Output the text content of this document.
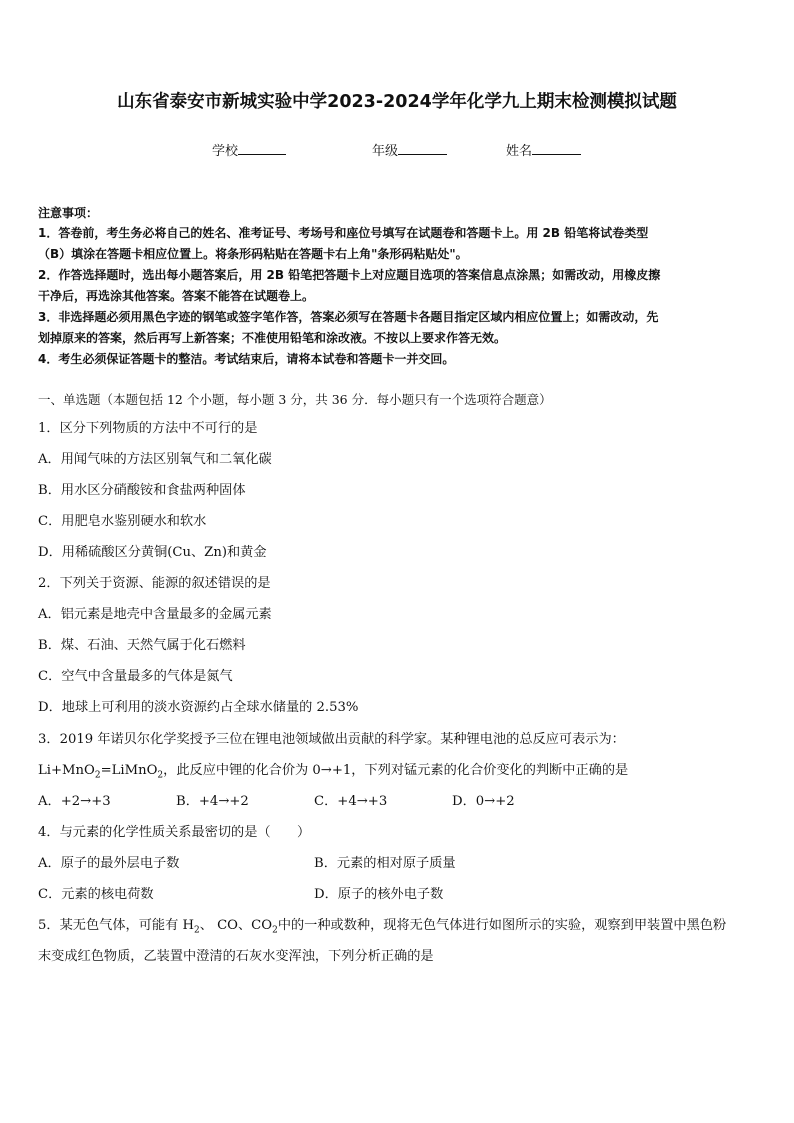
山东省泰安市新城实验中学2023-2024学年化学九上期末检测模拟试题
学校	年级	姓名
注意事项：
1．答卷前，考生务必将自己的姓名、准考证号、考场号和座位号填写在试题卷和答题卡上。用 2B 铅笔将试卷类型
（B）填涂在答题卡相应位置上。将条形码粘贴在答题卡右上角"条形码粘贴处"。
2．作答选择题时，选出每小题答案后，用 2B 铅笔把答题卡上对应题目选项的答案信息点涂黑；如需改动，用橡皮擦
干净后，再选涂其他答案。答案不能答在试题卷上。
3．非选择题必须用黑色字迹的钢笔或签字笔作答，答案必须写在答题卡各题目指定区域内相应位置上；如需改动，先
划掉原来的答案，然后再写上新答案；不准使用铅笔和涂改液。不按以上要求作答无效。
4．考生必须保证答题卡的整洁。考试结束后，请将本试卷和答题卡一并交回。
一、单选题（本题包括 12 个小题，每小题 3 分，共 36 分．每小题只有一个选项符合题意）
1．区分下列物质的方法中不可行的是
A．用闻气味的方法区别氧气和二氧化碳
B．用水区分硝酸铵和食盐两种固体
C．用肥皂水鉴别硬水和软水
D．用稀硫酸区分黄铜(Cu、Zn)和黄金
2．下列关于资源、能源的叙述错误的是
A．铝元素是地壳中含量最多的金属元素
B．煤、石油、天然气属于化石燃料
C．空气中含量最多的气体是氮气
D．地球上可利用的淡水资源约占全球水储量的 2.53%
3．2019 年诺贝尔化学奖授予三位在锂电池领域做出贡献的科学家。某种锂电池的总反应可表示为：
Li+MnO$_2$=LiMnO$_2$，此反应中锂的化合价为 0→+1，下列对锰元素的化合价变化的判断中正确的是
A．+2→+3	B．+4→+2	C．+4→+3	D．0→+2
4．与元素的化学性质关系最密切的是（　　）
A．原子的最外层电子数	B．元素的相对原子质量
C．元素的核电荷数	D．原子的核外电子数
5．某无色气体，可能有 $H_2$、 CO、$CO_2$中的一种或数种，现将无色气体进行如图所示的实验，观察到甲装置中黑色粉
末变成红色物质，乙装置中澄清的石灰水变浑浊，下列分析正确的是
